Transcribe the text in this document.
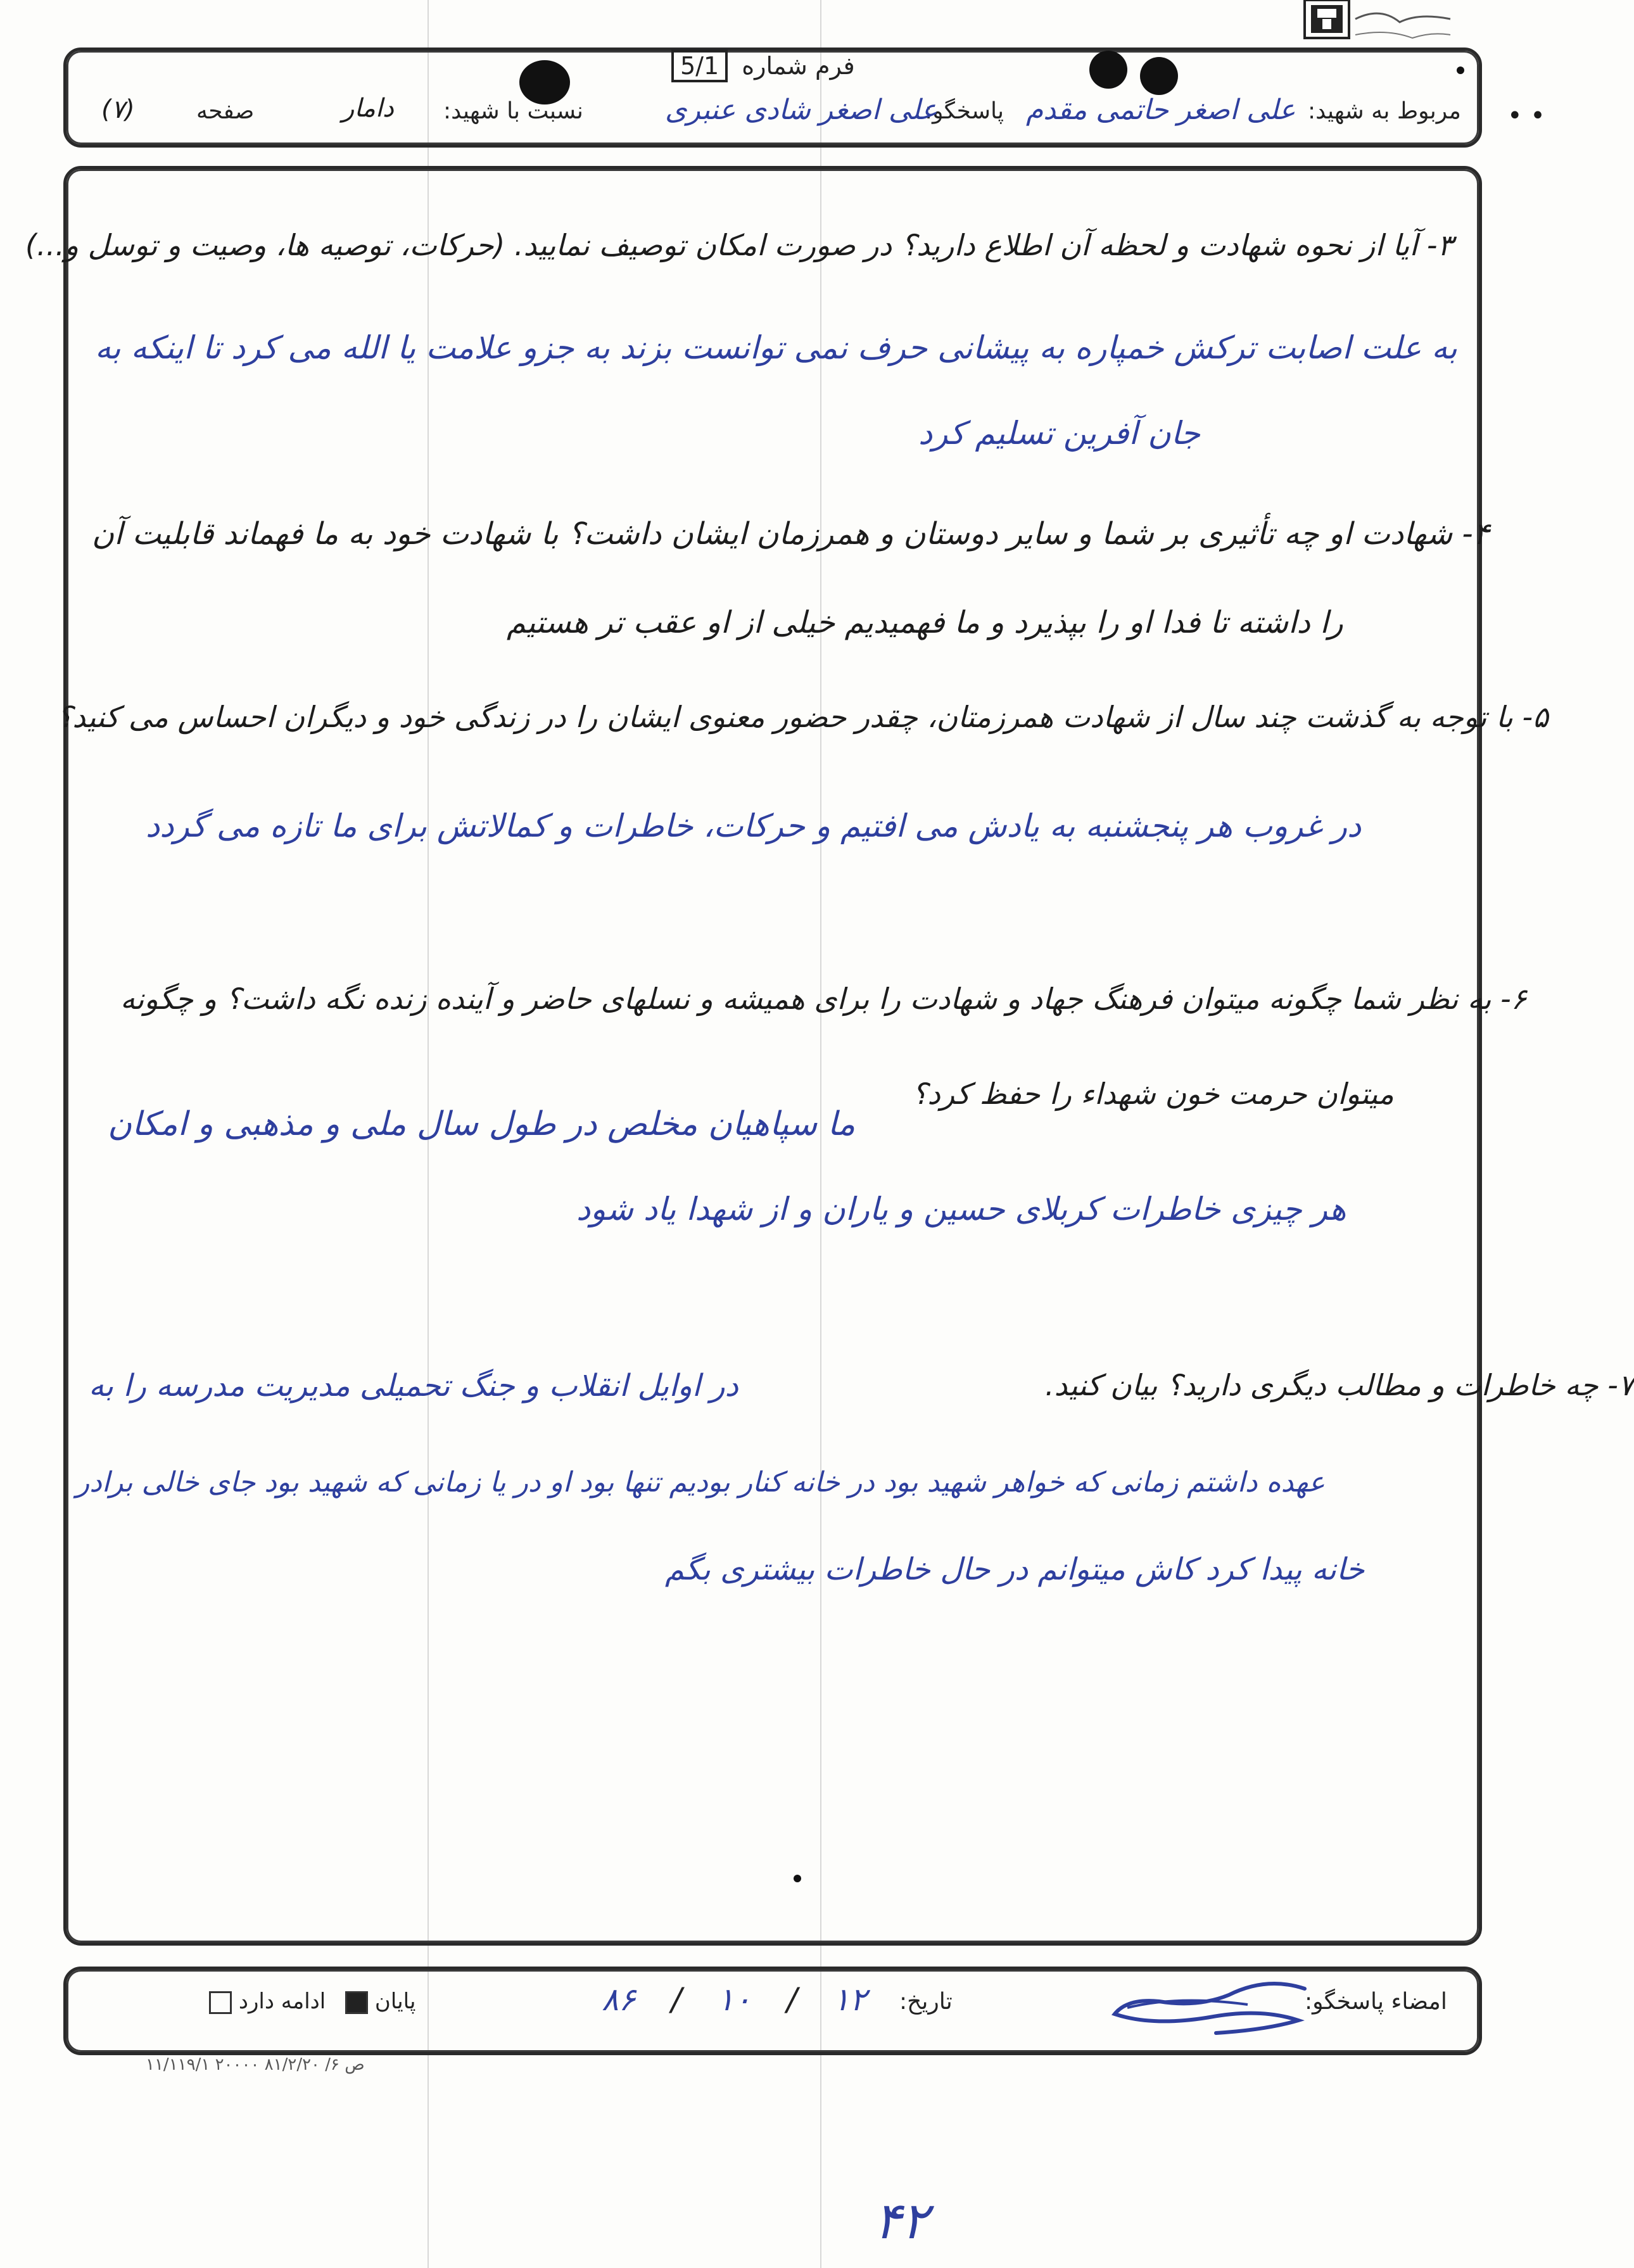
فرم شماره 5/1
مربوط به شهید:
علی اصغر حاتمی مقدم
پاسخگو:
علی اصغر شادی عنبری
نسبت با شهید:
دامار
صفحه
(۷)	• •
۳- آیا از نحوه شهادت و لحظه آن اطلاع دارید؟ در صورت امکان توصیف نمایید. (حرکات، توصیه ها، وصیت و توسل و...)
به علت اصابت ترکش خمپاره به پیشانی حرف نمی توانست بزند به جزو علامت یا الله می کرد تا اینکه به
جان آفرین تسلیم کرد
۴- شهادت او چه تأثیری بر شما و سایر دوستان و همرزمان ایشان داشت؟ با شهادت خود به ما فهماند قابلیت آن
را داشته تا فدا او را بپذیرد و ما فهمیدیم خیلی از او عقب تر هستیم
۵- با توجه به گذشت چند سال از شهادت همرزمتان، چقدر حضور معنوی ایشان را در زندگی خود و دیگران احساس می کنید؟
در غروب هر پنجشنبه به یادش می افتیم و حرکات، خاطرات و کمالاتش برای ما تازه می گردد
۶- به نظر شما چگونه میتوان فرهنگ جهاد و شهادت را برای همیشه و نسلهای حاضر و آینده زنده نگه داشت؟ و چگونه
میتوان حرمت خون شهداء را حفظ کرد؟
ما سپاهیان مخلص در طول سال ملی و مذهبی و امکان
هر چیزی خاطرات کربلای حسین و یاران و از شهدا یاد شود
۷- چه خاطرات و مطالب دیگری دارید؟ بیان کنید.
در اوایل انقلاب و جنگ تحمیلی مدیریت مدرسه را به
عهده داشتم زمانی که خواهر شهید بود در خانه کنار بودیم تنها بود او در یا زمانی که شهید بود جای خالی برادر
خانه پیدا کرد کاش میتوانم در حال خاطرات بیشتری بگم
امضاء پاسخگو:
تاریخ:
۸۶ / ۱۰ / ۱۲
پایان  ادامه دارد
۱۱/۱۱۹/۱ ص ۶/ ۸۱/۲/۲۰ ۲۰۰۰۰
۴۲
